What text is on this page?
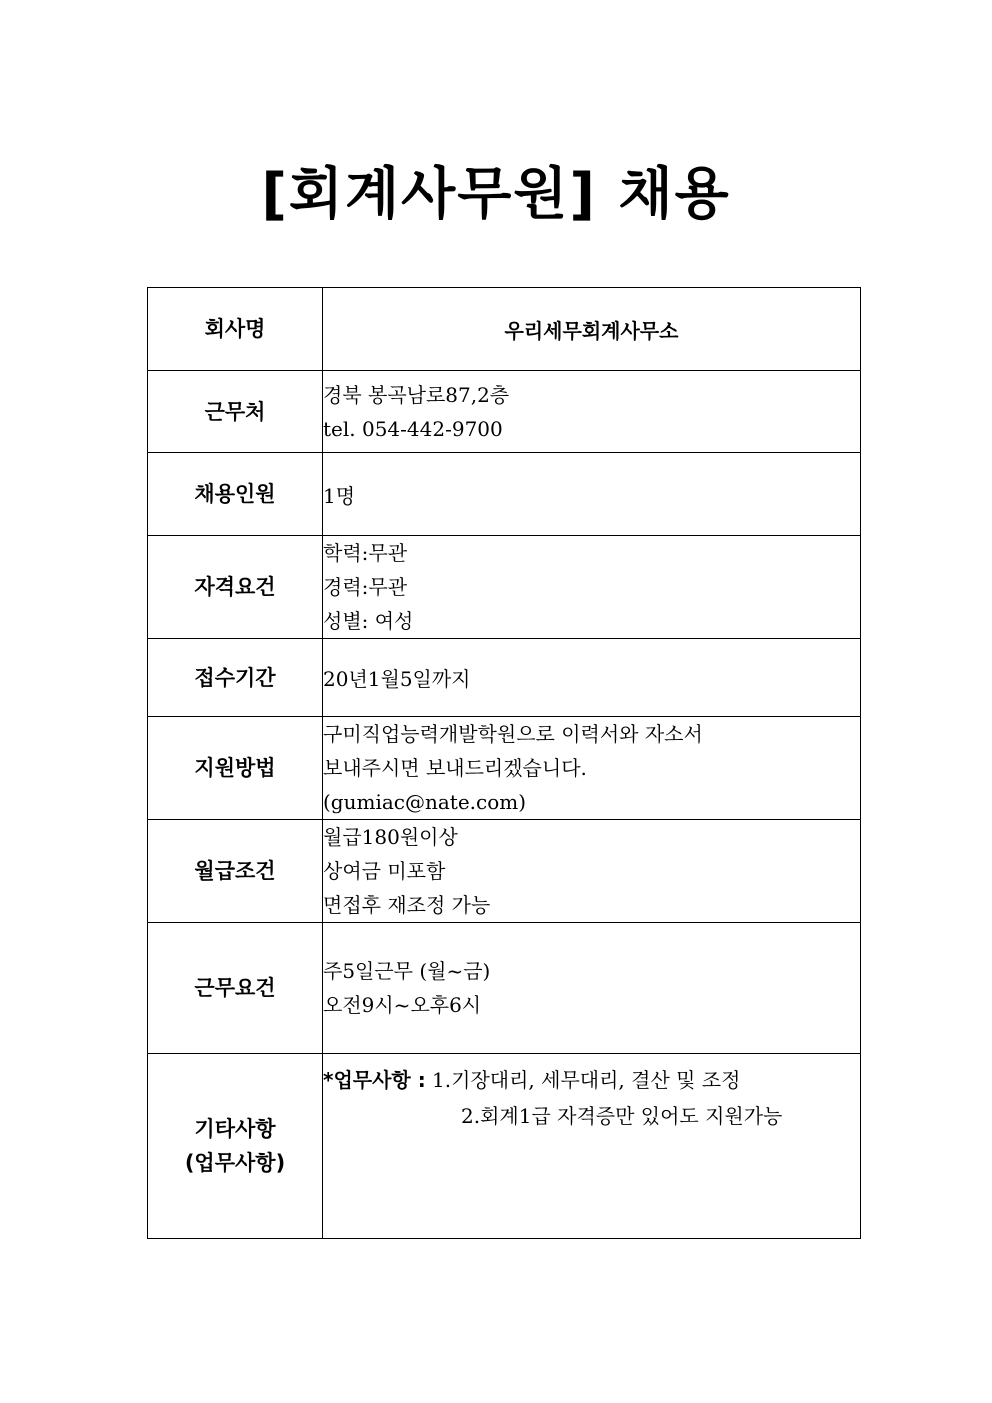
[회계사무원] 채용
회사명	우리세무회계사무소
근무처	경북 봉곡남로87,2층
tel. 054-442-9700

채용인원	1명
자격요건	학력:무관
경력:무관
성별: 여성

접수기간	20년1월5일까지
지원방법	구미직업능력개발학원으로 이력서와 자소서
보내주시면 보내드리겠습니다.
(gumiac@nate.com)

월급조건	월급180원이상
상여금 미포함
면접후 재조정 가능

근무요건	주5일근무 (월~금)
오전9시~오후6시

기타사항
(업무사항)	*업무사항 : 1.기장대리, 세무대리, 결산 및 조정
2.회계1급 자격증만 있어도 지원가능
